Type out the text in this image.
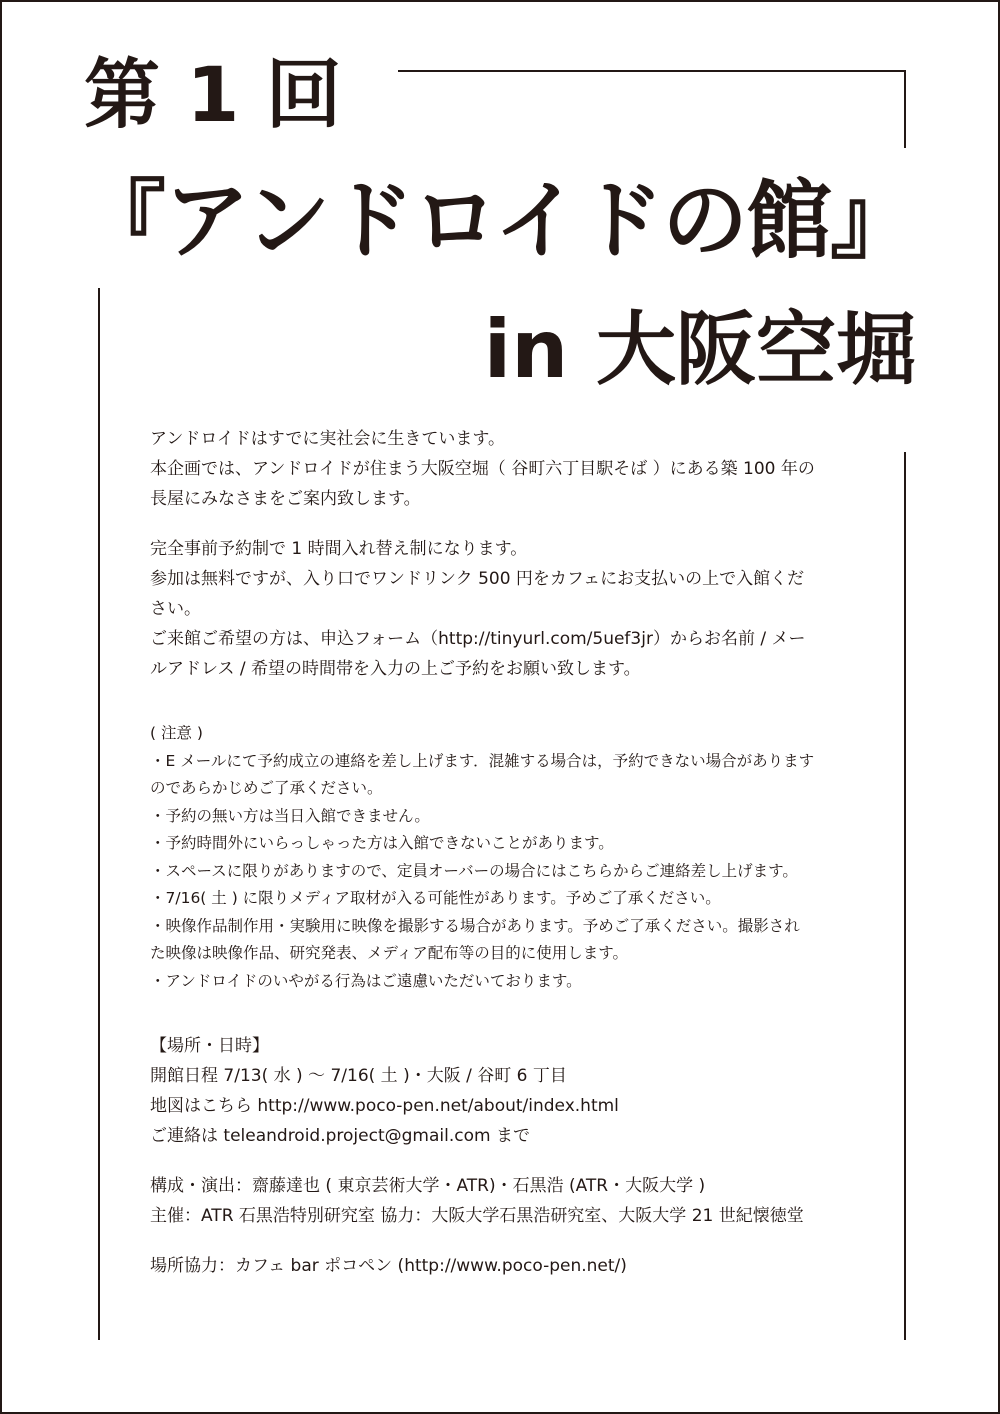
第 1 回
『アンドロイドの館』
in 大阪空堀

アンドロイドはすでに実社会に生きています。

本企画では、アンドロイドが住まう大阪空堀（ 谷町六丁目駅そば ）にある築 100 年の

長屋にみなさまをご案内致します。

完全事前予約制で 1 時間入れ替え制になります。

参加は無料ですが、入り口でワンドリンク 500 円をカフェにお支払いの上で入館くだ

さい。

ご来館ご希望の方は、申込フォーム（http://tinyurl.com/5uef3jr）からお名前 / メー

ルアドレス / 希望の時間帯を入力の上ご予約をお願い致します。

( 注意 )

・E メールにて予約成立の連絡を差し上げます．混雑する場合は，予約できない場合があります

のであらかじめご了承ください。

・予約の無い方は当日入館できません。

・予約時間外にいらっしゃった方は入館できないことがあります。

・スペースに限りがありますので、定員オーバーの場合にはこちらからご連絡差し上げます。

・7/16( 土 ) に限りメディア取材が入る可能性があります。予めご了承ください。

・映像作品制作用・実験用に映像を撮影する場合があります。予めご了承ください。撮影され

た映像は映像作品、研究発表、メディア配布等の目的に使用します。

・アンドロイドのいやがる行為はご遠慮いただいております。

【場所・日時】

開館日程 7/13( 水 ) ～ 7/16( 土 )・大阪 / 谷町 6 丁目

地図はこちら http://www.poco-pen.net/about/index.html

ご連絡は teleandroid.project@gmail.com まで

構成・演出：齋藤達也 ( 東京芸術大学・ATR)・石黒浩 (ATR・大阪大学 )

主催：ATR 石黒浩特別研究室 協力：大阪大学石黒浩研究室、大阪大学 21 世紀懐徳堂

場所協力：カフェ bar ポコペン (http://www.poco-pen.net/)
